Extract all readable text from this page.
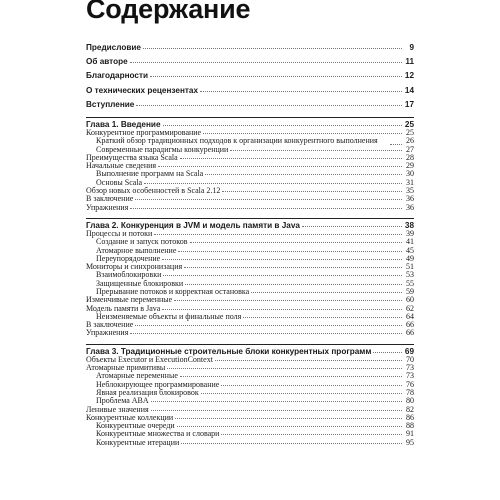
Содержание
Предисловие	9
Об авторе	11
Благодарности	12
О технических рецензентах	14
Вступление	17
Глава 1. Введение	25
Конкурентное программирование	25
Краткий обзор традиционных подходов к организации конкурентного выполнения	26
Современные парадигмы конкуренции	27
Преимущества языка Scala	28
Начальные сведения	29
Выполнение программ на Scala	30
Основы Scala	31
Обзор новых особенностей в Scala 2.12	35
В заключение	36
Упражнения	36
Глава 2. Конкуренция в JVM и модель памяти в Java	38
Процессы и потоки	39
Создание и запуск потоков	41
Атомарное выполнение	45
Переупорядочение	49
Мониторы и синхронизация	51
Взаимоблокировки	53
Защищенные блокировки	55
Прерывание потоков и корректная остановка	59
Изменчивые переменные	60
Модель памяти в Java	62
Неизменяемые объекты и финальные поля	64
В заключение	66
Упражнения	66
Глава 3. Традиционные строительные блоки конкурентных программ	69
Объекты Executor и ExecutionContext	70
Атомарные примитивы	73
Атомарные переменные	73
Неблокирующее программирование	76
Явная реализация блокировок	78
Проблема ABA	80
Ленивые значения	82
Конкурентные коллекции	86
Конкурентные очереди	88
Конкурентные множества и словари	91
Конкурентные итерации	95
